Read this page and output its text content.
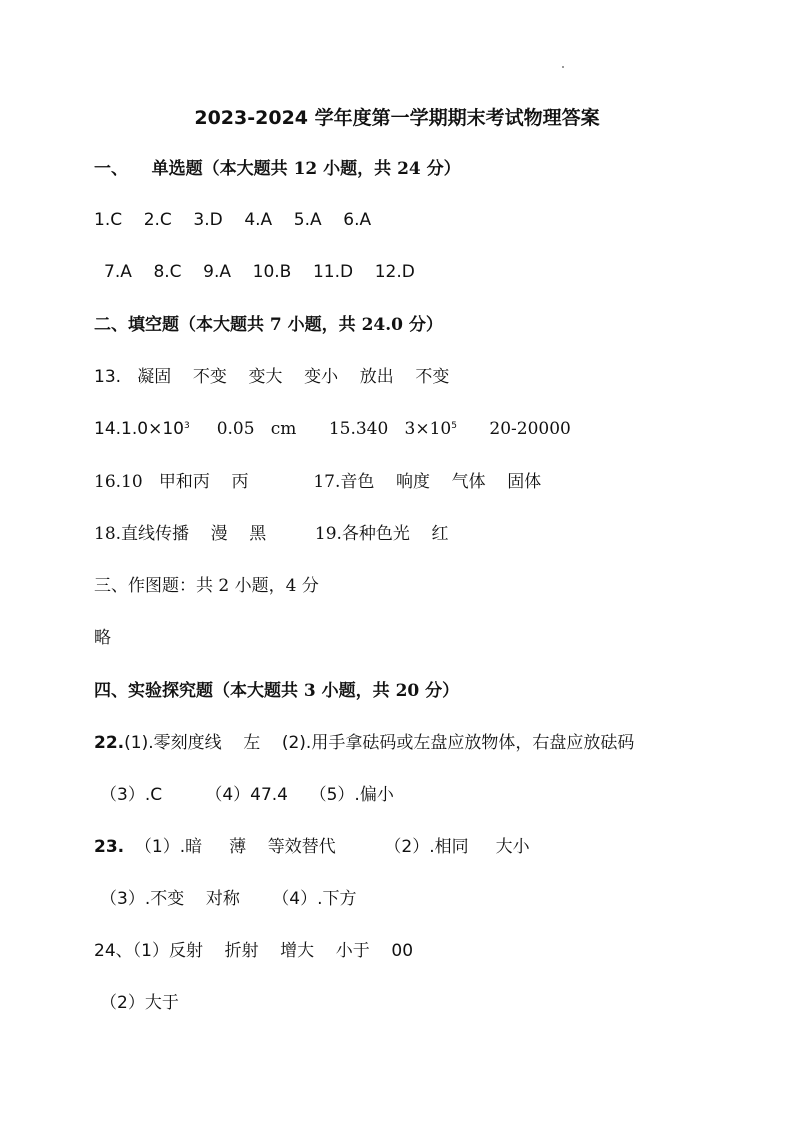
2023-2024 学年度第一学期期末考试物理答案
一、    单选题（本大题共 12 小题，共 24 分）
1.C    2.C    3.D    4.A    5.A    6.A
7.A    8.C    9.A    10.B    11.D    12.D
二、填空题（本大题共 7 小题，共 24.0 分）
13.   凝固    不变    变大    变小    放出    不变
$14.1.0\times 10^3$     0.05   cm      15.340   $3\times 10^5$      20-20000
16.10   甲和丙    丙            17.音色    响度    气体    固体
18.直线传播    漫    黑         19.各种色光    红
三、作图题：共 2 小题，4 分
略
四、实验探究题（本大题共 3 小题，共 20 分）
22.(1).零刻度线    左    (2).用手拿砝码或左盘应放物体，右盘应放砝码
（3）.C        （4）47.4    （5）.偏小
23.  （1）.暗     薄    等效替代         （2）.相同     大小
（3）.不变    对称      （4）.下方
24、（1）反射    折射    增大    小于    00
（2）大于
